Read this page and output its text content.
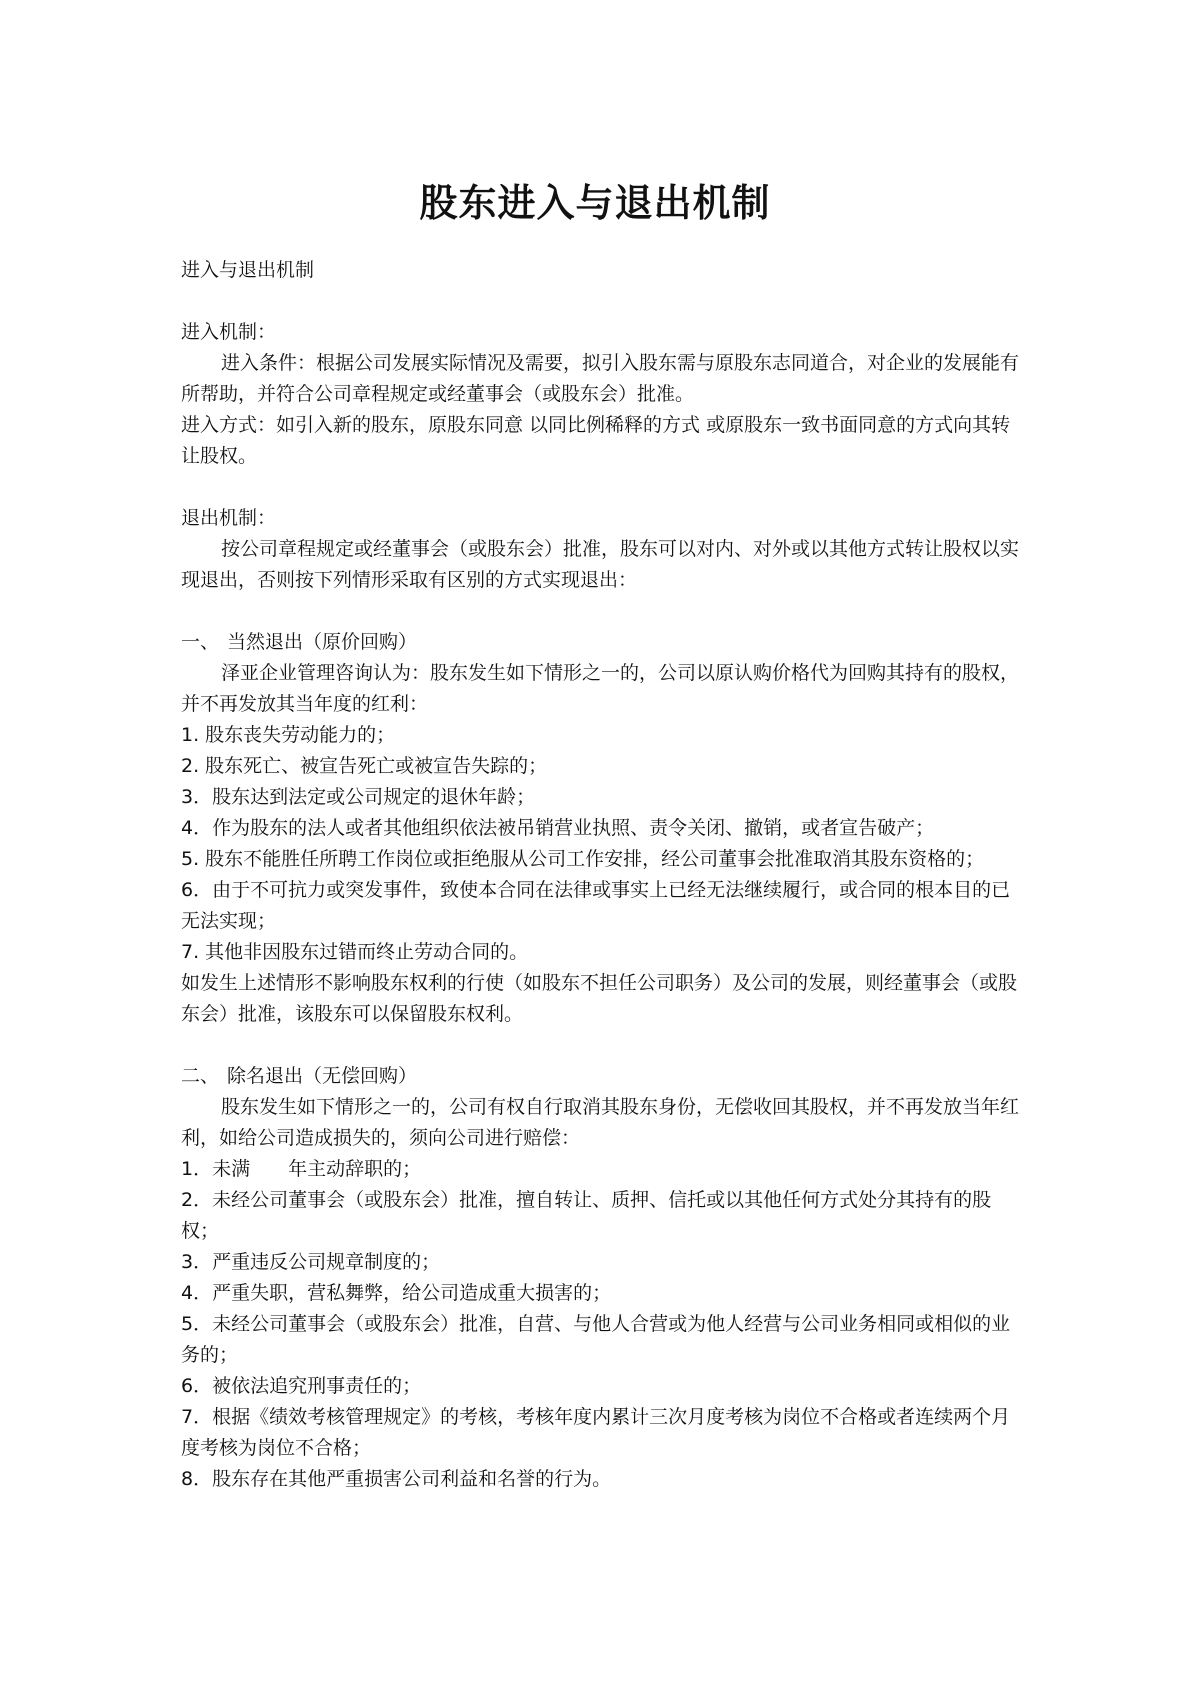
股东进入与退出机制

进入与退出机制

进入机制：

进入条件：根据公司发展实际情况及需要，拟引入股东需与原股东志同道合，对企业的发展能有所帮助，并符合公司章程规定或经董事会（或股东会）批准。

进入方式：如引入新的股东，原股东同意 以同比例稀释的方式 或原股东一致书面同意的方式向其转让股权。

退出机制：

按公司章程规定或经董事会（或股东会）批准，股东可以对内、对外或以其他方式转让股权以实现退出，否则按下列情形采取有区别的方式实现退出：

一、 当然退出（原价回购）

泽亚企业管理咨询认为：股东发生如下情形之一的，公司以原认购价格代为回购其持有的股权，并不再发放其当年度的红利：

1. 股东丧失劳动能力的；

2. 股东死亡、被宣告死亡或被宣告失踪的；

3．股东达到法定或公司规定的退休年龄；

4．作为股东的法人或者其他组织依法被吊销营业执照、责令关闭、撤销，或者宣告破产；

5. 股东不能胜任所聘工作岗位或拒绝服从公司工作安排，经公司董事会批准取消其股东资格的；

6．由于不可抗力或突发事件，致使本合同在法律或事实上已经无法继续履行，或合同的根本目的已无法实现；

7. 其他非因股东过错而终止劳动合同的。

如发生上述情形不影响股东权利的行使（如股东不担任公司职务）及公司的发展，则经董事会（或股东会）批准，该股东可以保留股东权利。

二、 除名退出（无偿回购）

股东发生如下情形之一的，公司有权自行取消其股东身份，无偿收回其股权，并不再发放当年红利，如给公司造成损失的，须向公司进行赔偿：

1．未满 年主动辞职的；

2．未经公司董事会（或股东会）批准，擅自转让、质押、信托或以其他任何方式处分其持有的股权；

3．严重违反公司规章制度的；

4．严重失职，营私舞弊，给公司造成重大损害的；

5．未经公司董事会（或股东会）批准，自营、与他人合营或为他人经营与公司业务相同或相似的业务的；

6．被依法追究刑事责任的；

7．根据《绩效考核管理规定》的考核，考核年度内累计三次月度考核为岗位不合格或者连续两个月度考核为岗位不合格；

8．股东存在其他严重损害公司利益和名誉的行为。
